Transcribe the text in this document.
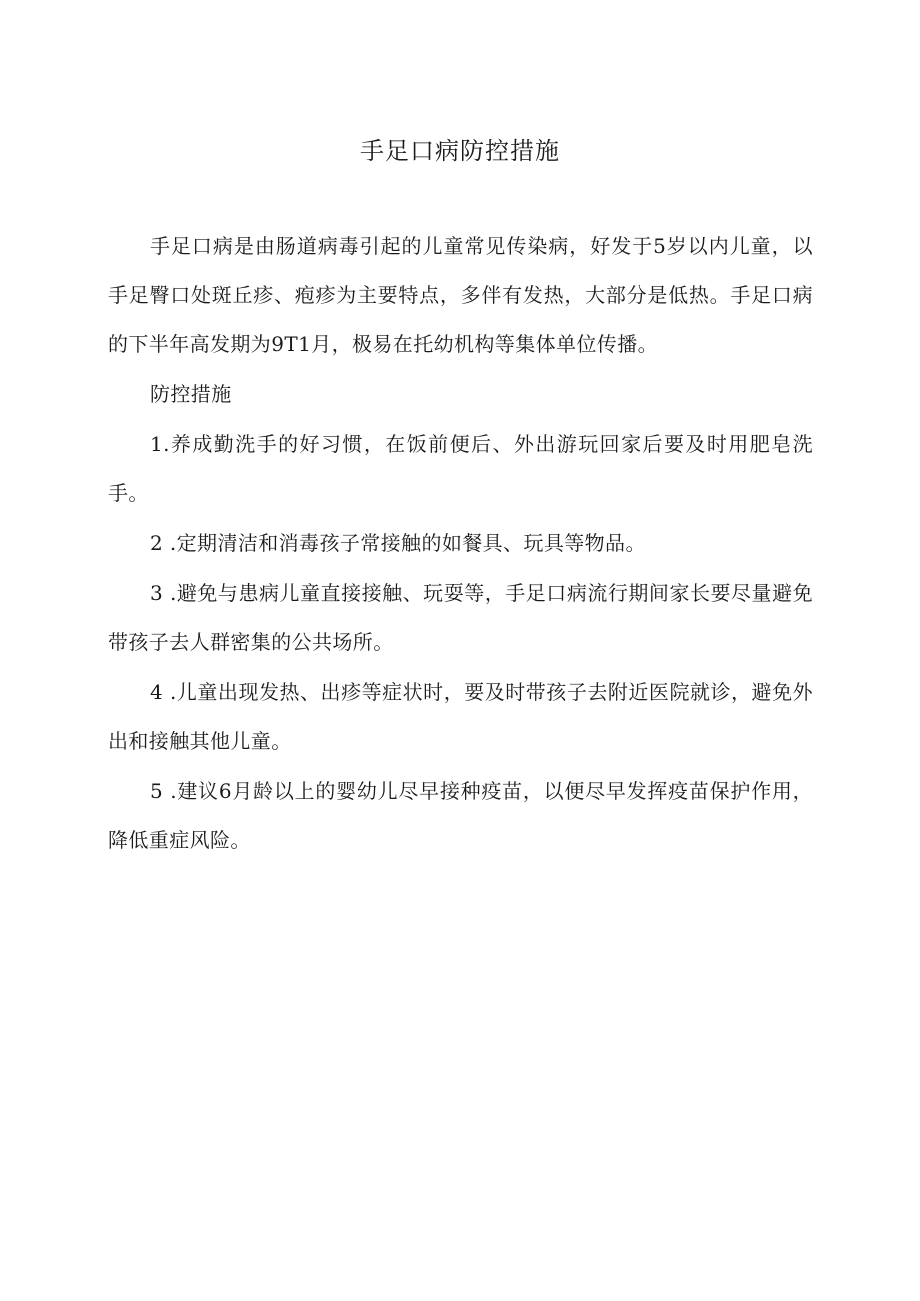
手足口病防控措施

手足口病是由肠道病毒引起的儿童常见传染病，好发于5岁以内儿童，以手足臀口处斑丘疹、疱疹为主要特点，多伴有发热，大部分是低热。手足口病的下半年高发期为9T1月，极易在托幼机构等集体单位传播。

防控措施

1.养成勤洗手的好习惯，在饭前便后、外出游玩回家后要及时用肥皂洗手。

2 .定期清洁和消毒孩子常接触的如餐具、玩具等物品。

3 .避免与患病儿童直接接触、玩耍等，手足口病流行期间家长要尽量避免带孩子去人群密集的公共场所。

4 .儿童出现发热、出疹等症状时，要及时带孩子去附近医院就诊，避免外出和接触其他儿童。

5 .建议6月龄以上的婴幼儿尽早接种疫苗，以便尽早发挥疫苗保护作用，降低重症风险。
